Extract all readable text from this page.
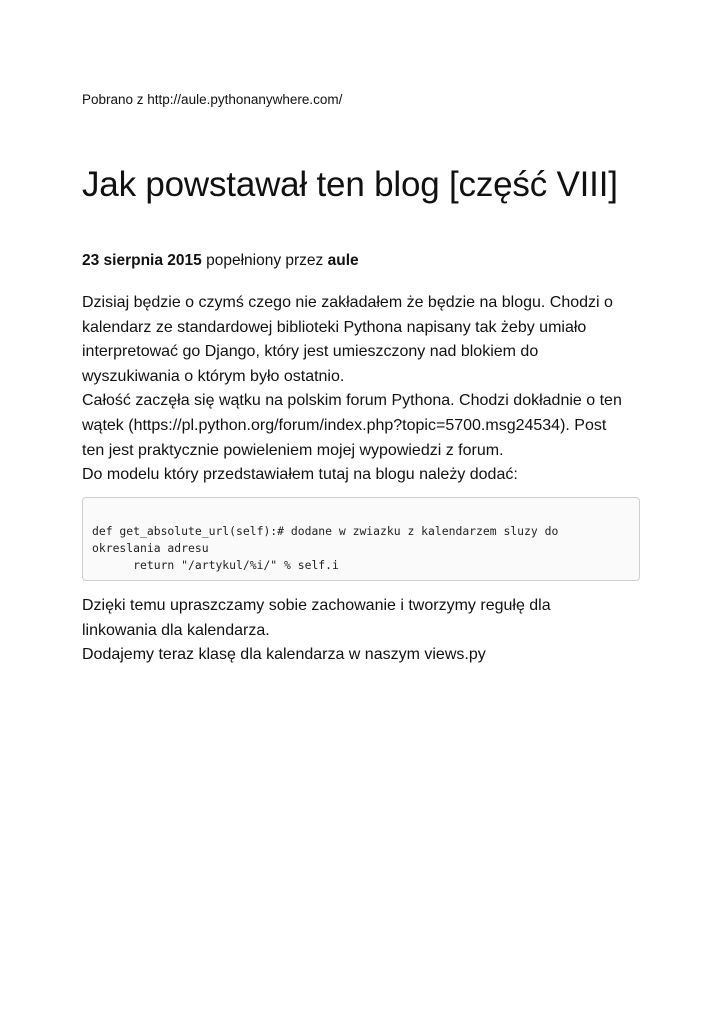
Pobrano z http://aule.pythonanywhere.com/
Jak powstawał ten blog [część VIII]
23 sierpnia 2015 popełniony przez aule
Dzisiaj będzie o czymś czego nie zakładałem że będzie na blogu. Chodzi o
kalendarz ze standardowej biblioteki Pythona napisany tak żeby umiało
interpretować go Django, który jest umieszczony nad blokiem do
wyszukiwania o którym było ostatnio.
Całość zaczęła się wątku na polskim forum Pythona. Chodzi dokładnie o ten
wątek (https://pl.python.org/forum/index.php?topic=5700.msg24534). Post
ten jest praktycznie powieleniem mojej wypowiedzi z forum.
Do modelu który przedstawiałem tutaj na blogu należy dodać:
def get_absolute_url(self):# dodane w zwiazku z kalendarzem sluzy do
okreslania adresu
return "/artykul/%i/" % self.i
Dzięki temu upraszczamy sobie zachowanie i tworzymy regułę dla
linkowania dla kalendarza.
Dodajemy teraz klasę dla kalendarza w naszym views.py
